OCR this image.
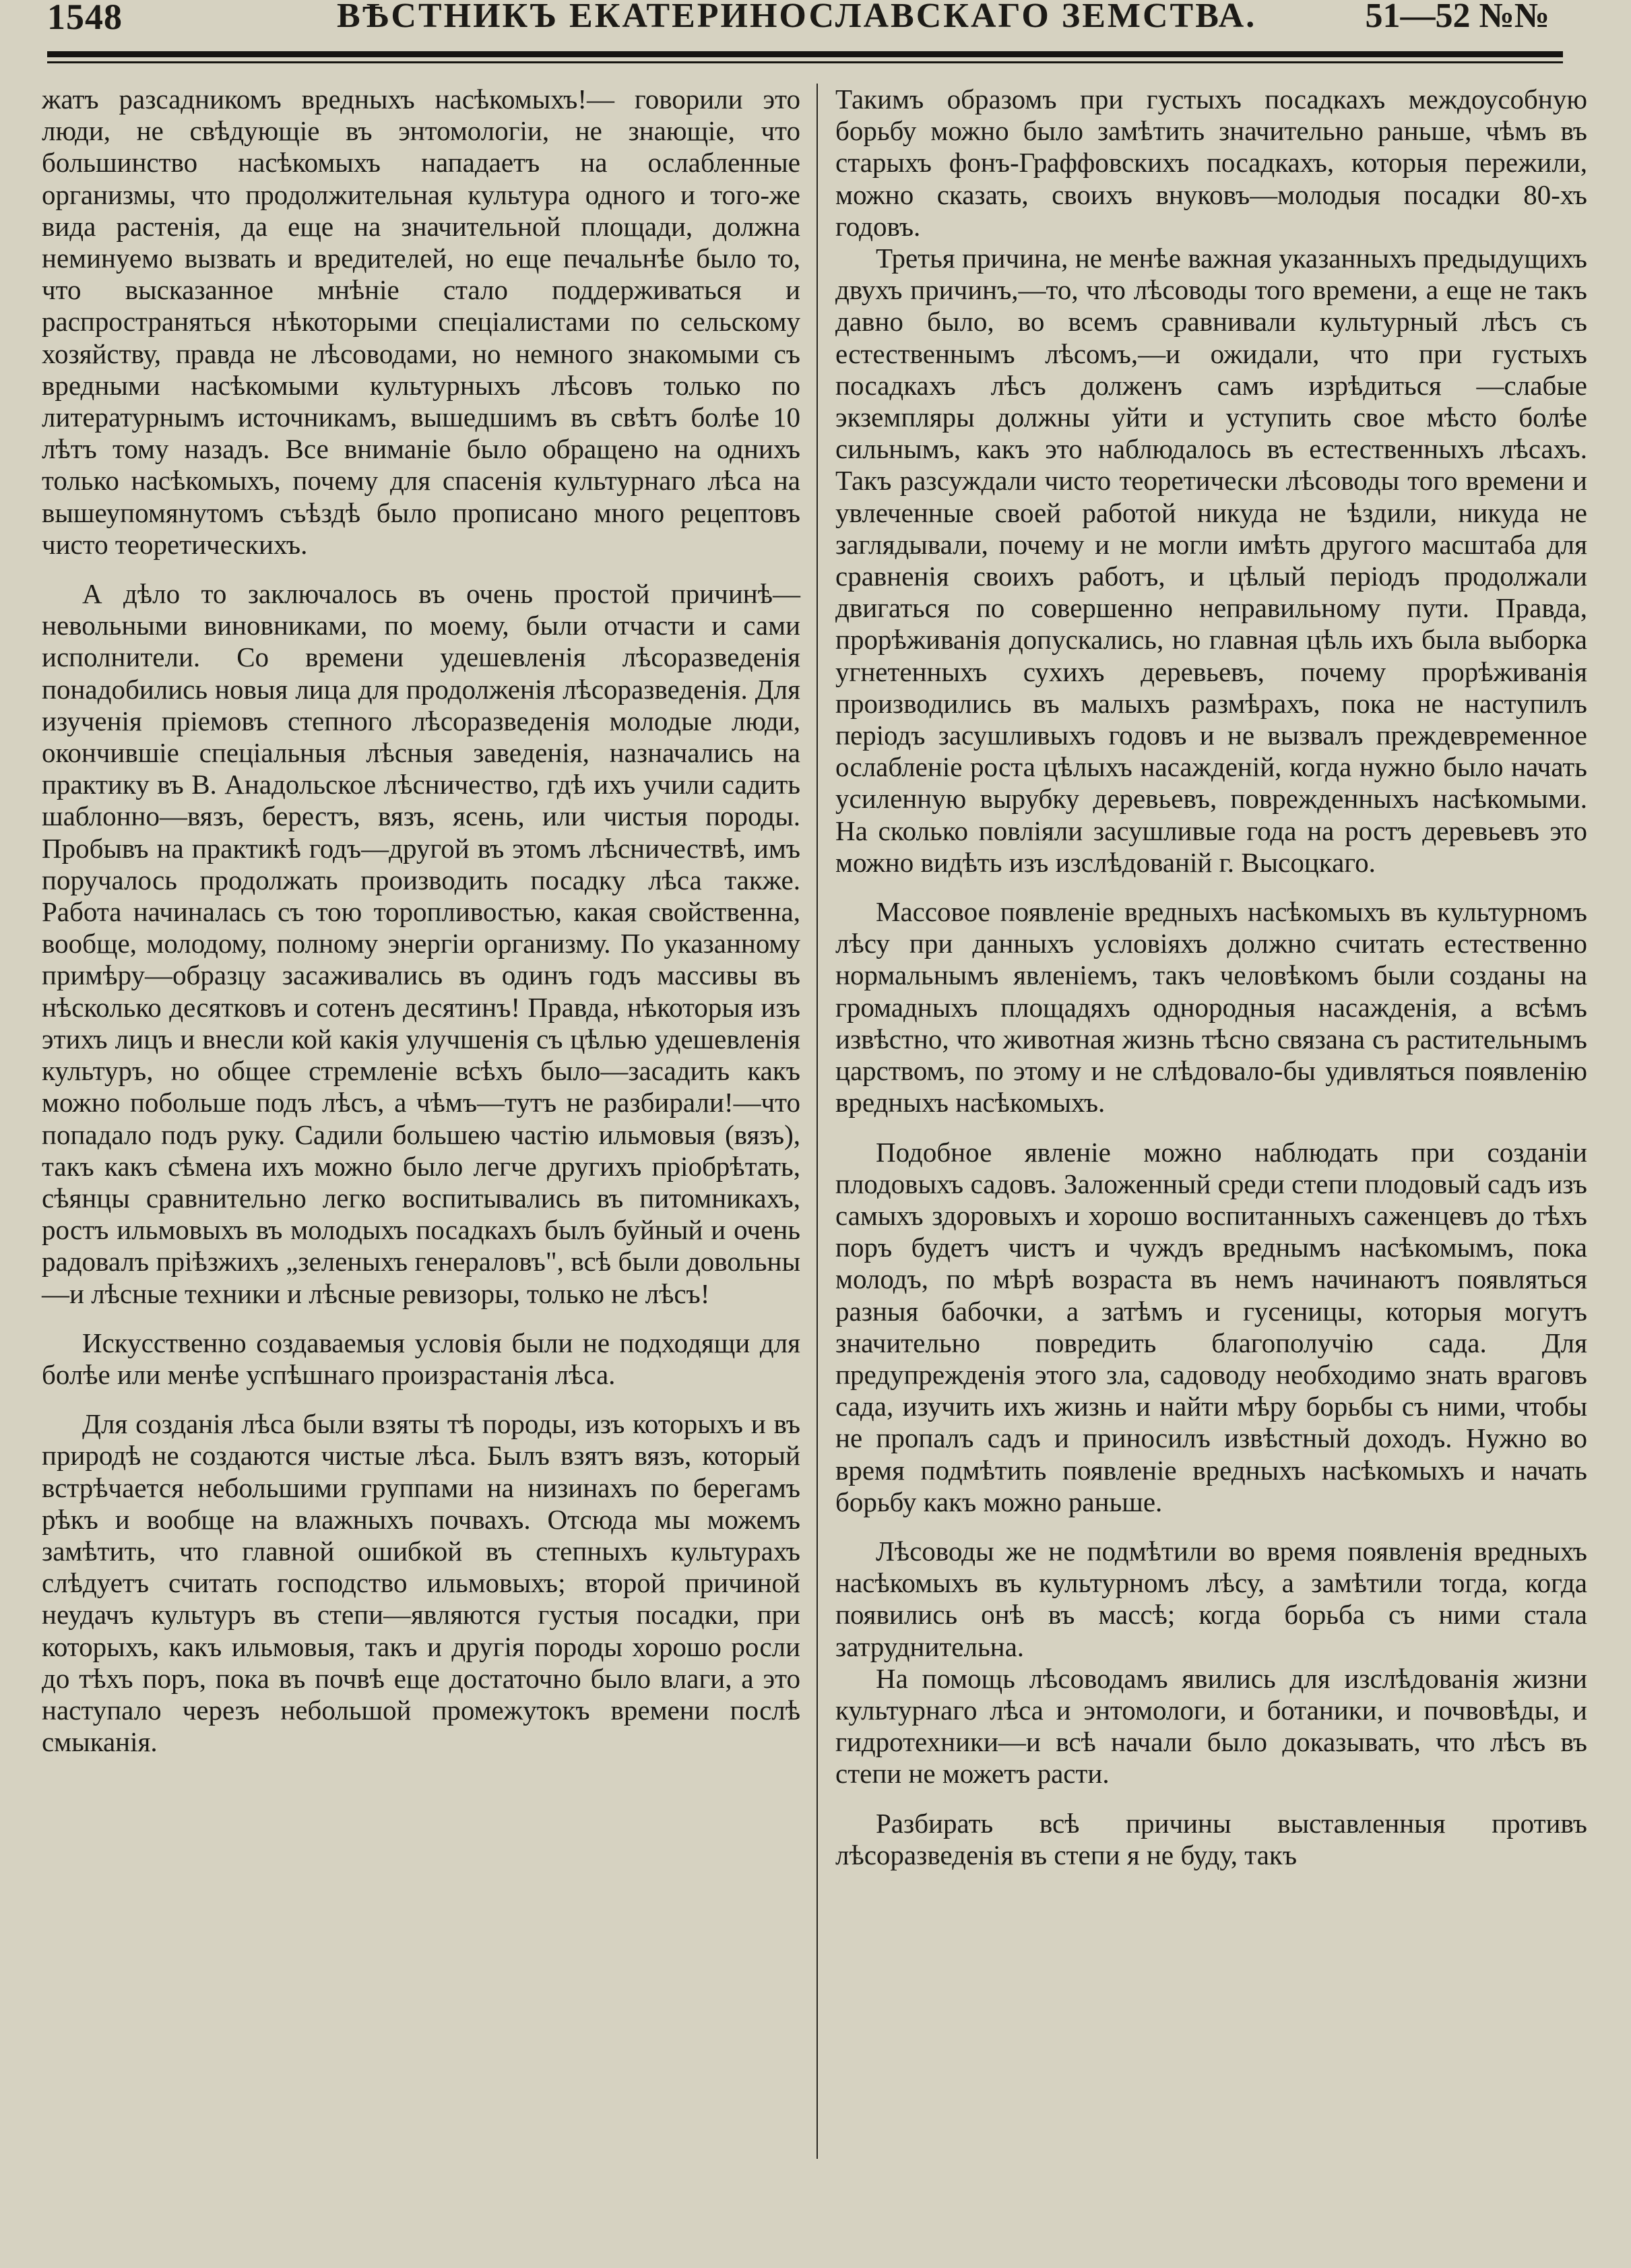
1548	ВѢСТНИКЪ ЕКАТЕРИНОСЛАВСКАГО ЗЕМСТВА.	51—52 №№

жатъ разсадникомъ вредныхъ насѣкомыхъ!— говорили это люди, не свѣдующіе въ энтомологіи, не знающіе, что большинство насѣкомыхъ нападаетъ на ослабленные организмы, что продолжительная культура одного и того-же вида растенія, да еще на значительной площади, должна неминуемо вызвать и вредителей, но еще печальнѣе было то, что высказанное мнѣніе стало поддерживаться и распространяться нѣкоторыми спеціалистами по сельскому хозяйству, правда не лѣсоводами, но немного знакомыми съ вредными насѣкомыми культурныхъ лѣсовъ только по литературнымъ источникамъ, вышедшимъ въ свѣтъ болѣе 10 лѣтъ тому назадъ. Все вниманіе было обращено на однихъ только насѣкомыхъ, почему для спасенія культурнаго лѣса на вышеупомянутомъ съѣздѣ было прописано много рецептовъ чисто теоретическихъ.

А дѣло то заключалось въ очень простой причинѣ—невольными виновниками, по моему, были отчасти и сами исполнители. Со времени удешевленія лѣсоразведенія понадобились новыя лица для продолженія лѣсоразведенія. Для изученія пріемовъ степного лѣсоразведенія молодые люди, окончившіе спеціальныя лѣсныя заведенія, назначались на практику въ В. Анадольское лѣсничество, гдѣ ихъ учили садить шаблонно—вязъ, берестъ, вязъ, ясень, или чистыя породы. Пробывъ на практикѣ годъ—другой въ этомъ лѣсничествѣ, имъ поручалось продолжать производить посадку лѣса также. Работа начиналась съ тою торопливостью, какая свойственна, вообще, молодому, полному энергіи организму. По указанному примѣру—образцу засаживались въ одинъ годъ массивы въ нѣсколько десятковъ и сотенъ десятинъ! Правда, нѣкоторыя изъ этихъ лицъ и внесли кой какія улучшенія съ цѣлью удешевленія культуръ, но общее стремленіе всѣхъ было—засадить какъ можно побольше подъ лѣсъ, а чѣмъ—тутъ не разбирали!—что попадало подъ руку. Садили большею частію ильмовыя (вязъ), такъ какъ сѣмена ихъ можно было легче другихъ пріобрѣтать, сѣянцы сравнительно легко воспитывались въ питомникахъ, ростъ ильмовыхъ въ молодыхъ посадкахъ былъ буйный и очень радовалъ пріѣзжихъ „зеленыхъ генераловъ", всѣ были довольны —и лѣсные техники и лѣсные ревизоры, только не лѣсъ!

Искусственно создаваемыя условія были не подходящи для болѣе или менѣе успѣшнаго произрастанія лѣса.

Для созданія лѣса были взяты тѣ породы, изъ которыхъ и въ природѣ не создаются чистые лѣса. Былъ взятъ вязъ, который встрѣчается небольшими группами на низинахъ по берегамъ рѣкъ и вообще на влажныхъ почвахъ. Отсюда мы можемъ замѣтить, что главной ошибкой въ степныхъ культурахъ слѣдуетъ считать господство ильмовыхъ; второй причиной неудачъ культуръ въ степи—являются густыя посадки, при которыхъ, какъ ильмовыя, такъ и другія породы хорошо росли до тѣхъ поръ, пока въ почвѣ еще достаточно было влаги, а это наступало черезъ небольшой промежутокъ времени послѣ смыканія.

Такимъ образомъ при густыхъ посадкахъ междоусобную борьбу можно было замѣтить значительно раньше, чѣмъ въ старыхъ фонъ-Граффовскихъ посадкахъ, которыя пережили, можно сказать, своихъ внуковъ—молодыя посадки 80-хъ годовъ.

Третья причина, не менѣе важная указанныхъ предыдущихъ двухъ причинъ,—то, что лѣсоводы того времени, а еще не такъ давно было, во всемъ сравнивали культурный лѣсъ съ естественнымъ лѣсомъ,—и ожидали, что при густыхъ посадкахъ лѣсъ долженъ самъ изрѣдиться —слабые экземпляры должны уйти и уступить свое мѣсто болѣе сильнымъ, какъ это наблюдалось въ естественныхъ лѣсахъ. Такъ разсуждали чисто теоретически лѣсоводы того времени и увлеченные своей работой никуда не ѣздили, никуда не заглядывали, почему и не могли имѣть другого масштаба для сравненія своихъ работъ, и цѣлый періодъ продолжали двигаться по совершенно неправильному пути. Правда, прорѣживанія допускались, но главная цѣль ихъ была выборка угнетенныхъ сухихъ деревьевъ, почему прорѣживанія производились въ малыхъ размѣрахъ, пока не наступилъ періодъ засушливыхъ годовъ и не вызвалъ преждевременное ослабленіе роста цѣлыхъ насажденій, когда нужно было начать усиленную вырубку деревьевъ, поврежденныхъ насѣкомыми. На сколько повліяли засушливые года на ростъ деревьевъ это можно видѣть изъ изслѣдованій г. Высоцкаго.

Массовое появленіе вредныхъ насѣкомыхъ въ культурномъ лѣсу при данныхъ условіяхъ должно считать естественно нормальнымъ явленіемъ, такъ человѣкомъ были созданы на громадныхъ площадяхъ однородныя насажденія, а всѣмъ извѣстно, что животная жизнь тѣсно связана съ растительнымъ царствомъ, по этому и не слѣдовало-бы удивляться появленію вредныхъ насѣкомыхъ.

Подобное явленіе можно наблюдать при созданіи плодовыхъ садовъ. Заложенный среди степи плодовый садъ изъ самыхъ здоровыхъ и хорошо воспитанныхъ саженцевъ до тѣхъ поръ будетъ чистъ и чуждъ вреднымъ насѣкомымъ, пока молодъ, по мѣрѣ возраста въ немъ начинаютъ появляться разныя бабочки, а затѣмъ и гусеницы, которыя могутъ значительно повредить благополучію сада. Для предупрежденія этого зла, садоводу необходимо знать враговъ сада, изучить ихъ жизнь и найти мѣру борьбы съ ними, чтобы не пропалъ садъ и приносилъ извѣстный доходъ. Нужно во время подмѣтить появленіе вредныхъ насѣкомыхъ и начать борьбу какъ можно раньше.

Лѣсоводы же не подмѣтили во время появленія вредныхъ насѣкомыхъ въ культурномъ лѣсу, а замѣтили тогда, когда появились онѣ въ массѣ; когда борьба съ ними стала затруднительна.

На помощь лѣсоводамъ явились для изслѣдованія жизни культурнаго лѣса и энтомологи, и ботаники, и почвовѣды, и гидротехники—и всѣ начали было доказывать, что лѣсъ въ степи не можетъ расти.

Разбирать всѣ причины выставленныя противъ лѣсоразведенія въ степи я не буду, такъ
